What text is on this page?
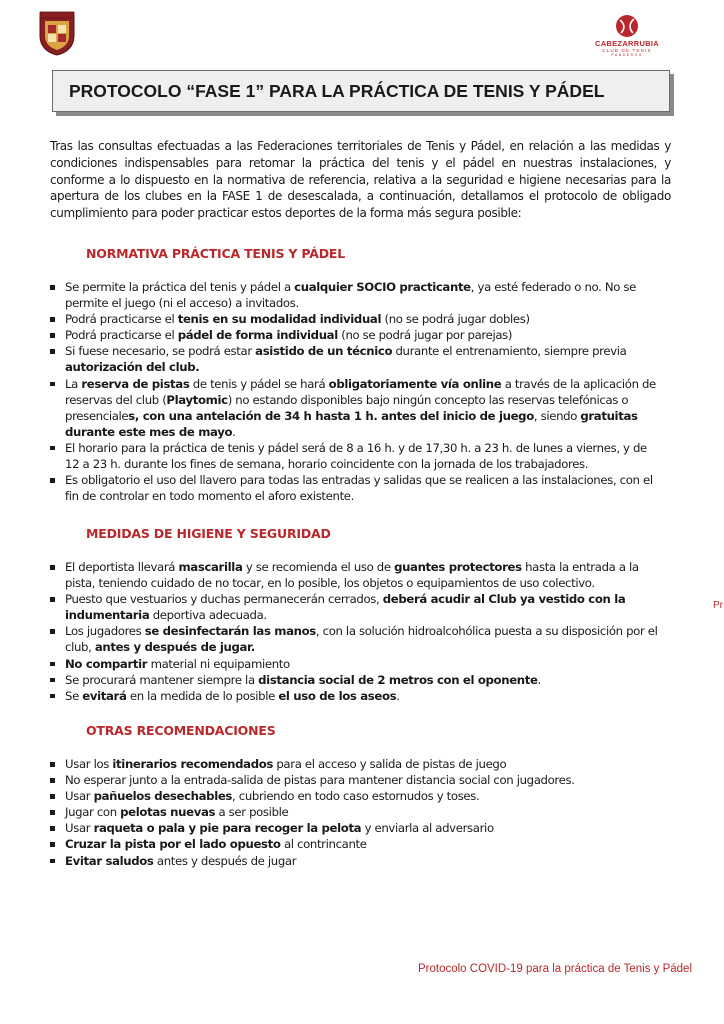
CABEZARRUBIA
CLUB DE TENIS
PANDEROS
PROTOCOLO “FASE 1” PARA LA PRÁCTICA DE TENIS Y PÁDEL

Tras las consultas efectuadas a las Federaciones territoriales de Tenis y Pádel, en relación a las medidas y condiciones indispensables para retomar la práctica del tenis y el pádel en nuestras instalaciones, y conforme a lo dispuesto en la normativa de referencia, relativa a la seguridad e higiene necesarias para la apertura de los clubes en la FASE 1 de desescalada, a continuación, detallamos el protocolo de obligado cumplimiento para poder practicar estos deportes de la forma más segura posible:

NORMATIVA PRÁCTICA TENIS Y PÁDEL
Se permite la práctica del tenis y pádel a cualquier SOCIO practicante, ya esté federado o no. No se permite el juego (ni el acceso) a invitados.
Podrá practicarse el tenis en su modalidad individual (no se podrá jugar dobles)
Podrá practicarse el pádel de forma individual (no se podrá jugar por parejas)
Si fuese necesario, se podrá estar asistido de un técnico durante el entrenamiento, siempre previa autorización del club.
La reserva de pistas de tenis y pádel se hará obligatoriamente vía online a través de la aplicación de reservas del club (Playtomic) no estando disponibles bajo ningún concepto las reservas telefónicas o presenciales, con una antelación de 34 h hasta 1 h. antes del inicio de juego, siendo gratuitas durante este mes de mayo.
El horario para la práctica de tenis y pádel será de 8 a 16 h. y de 17,30 h. a 23 h. de lunes a viernes, y de 12 a 23 h. durante los fines de semana, horario coincidente con la jornada de los trabajadores.
Es obligatorio el uso del llavero para todas las entradas y salidas que se realicen a las instalaciones, con el fin de controlar en todo momento el aforo existente.
MEDIDAS DE HIGIENE Y SEGURIDAD
El deportista llevará mascarilla y se recomienda el uso de guantes protectores hasta la entrada a la pista, teniendo cuidado de no tocar, en lo posible, los objetos o equipamientos de uso colectivo.
Puesto que vestuarios y duchas permanecerán cerrados, deberá acudir al Club ya vestido con la indumentaria deportiva adecuada.
Los jugadores se desinfectarán las manos, con la solución hidroalcohólica puesta a su disposición por el club, antes y después de jugar.
No compartir material ni equipamiento
Se procurará mantener siempre la distancia social de 2 metros con el oponente.
Se evitará en la medida de lo posible el uso de los aseos.
OTRAS RECOMENDACIONES
Usar los itinerarios recomendados para el acceso y salida de pistas de juego
No esperar junto a la entrada-salida de pistas para mantener distancia social con jugadores.
Usar pañuelos desechables, cubriendo en todo caso estornudos y toses.
Jugar con pelotas nuevas a ser posible
Usar raqueta o pala y pie para recoger la pelota y enviarla al adversario
Cruzar la pista por el lado opuesto al contrincante
Evitar saludos antes y después de jugar
Pr
Protocolo COVID-19 para la práctica de Tenis y Pádel
